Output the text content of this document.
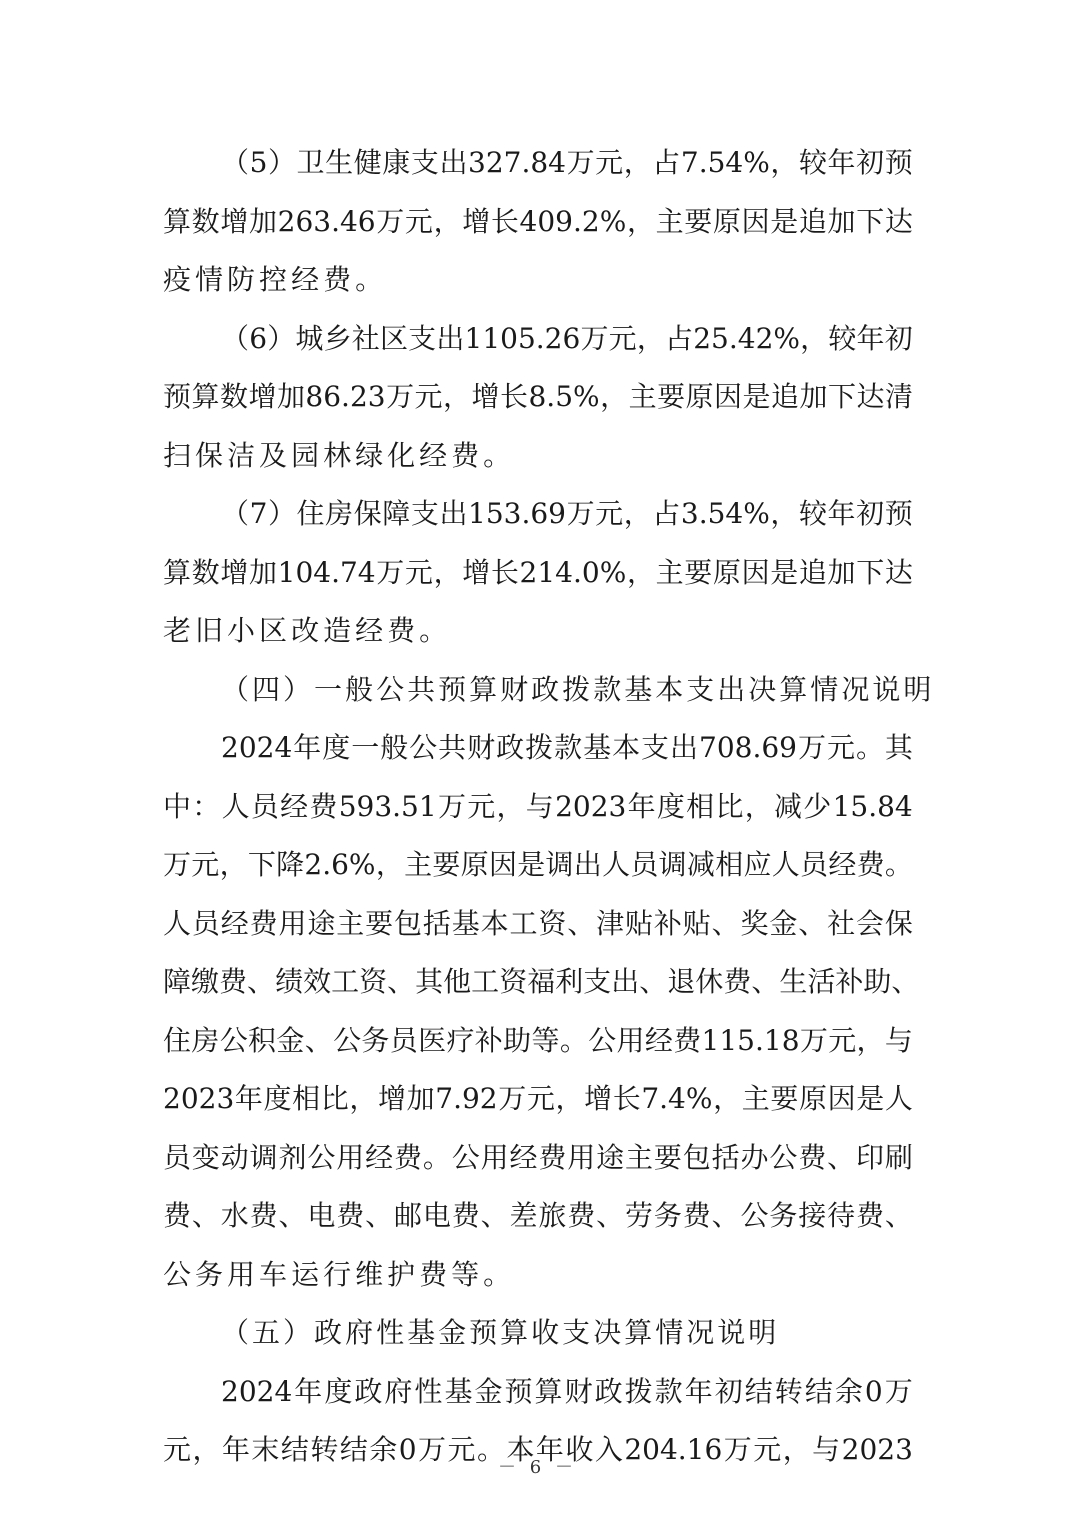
（ 5 ） 卫 生 健 康 支 出 327.84 万 元 ， 占 7.54% ， 较 年 初 预
算 数 增 加 263.46 万 元 ， 增 长 409.2% ， 主 要 原 因 是 追 加 下 达
疫 情 防 控 经 费 。
（ 6 ） 城 乡 社 区 支 出 1105.26 万 元 ， 占 25.42% ， 较 年 初
预 算 数 增 加 86.23 万 元 ， 增 长 8.5% ， 主 要 原 因 是 追 加 下 达 清
扫 保 洁 及 园 林 绿 化 经 费 。
（ 7 ） 住 房 保 障 支 出 153.69 万 元 ， 占 3.54% ， 较 年 初 预
算 数 增 加 104.74 万 元 ， 增 长 214.0% ， 主 要 原 因 是 追 加 下 达
老 旧 小 区 改 造 经 费 。
（ 四 ） 一 般 公 共 预 算 财 政 拨 款 基 本 支 出 决 算 情 况 说 明
2024 年 度 一 般 公 共 财 政 拨 款 基 本 支 出 708.69 万 元 。 其
中 ： 人 员 经 费 593.51 万 元 ， 与 2023 年 度 相 比 ， 减 少 15.84
万 元 ， 下 降 2.6% ， 主 要 原 因 是 调 出 人 员 调 减 相 应 人 员 经 费 。
人 员 经 费 用 途 主 要 包 括 基 本 工 资 、 津 贴 补 贴 、 奖 金 、 社 会 保
障 缴 费 、 绩 效 工 资 、 其 他 工 资 福 利 支 出 、 退 休 费 、 生 活 补 助 、
住 房 公 积 金 、 公 务 员 医 疗 补 助 等 。 公 用 经 费 115.18 万 元 ， 与
2023 年 度 相 比 ， 增 加 7.92 万 元 ， 增 长 7.4% ， 主 要 原 因 是 人
员 变 动 调 剂 公 用 经 费 。 公 用 经 费 用 途 主 要 包 括 办 公 费 、 印 刷
费 、 水 费 、 电 费 、 邮 电 费 、 差 旅 费 、 劳 务 费 、 公 务 接 待 费 、
公 务 用 车 运 行 维 护 费 等 。
（ 五 ） 政 府 性 基 金 预 算 收 支 决 算 情 况 说 明
2024 年 度 政 府 性 基 金 预 算 财 政 拨 款 年 初 结 转 结 余 0 万
元 ， 年 末 结 转 结 余 0 万 元 。 本 年 收 入 204.16 万 元 ， 与 2023
－ 6 －
